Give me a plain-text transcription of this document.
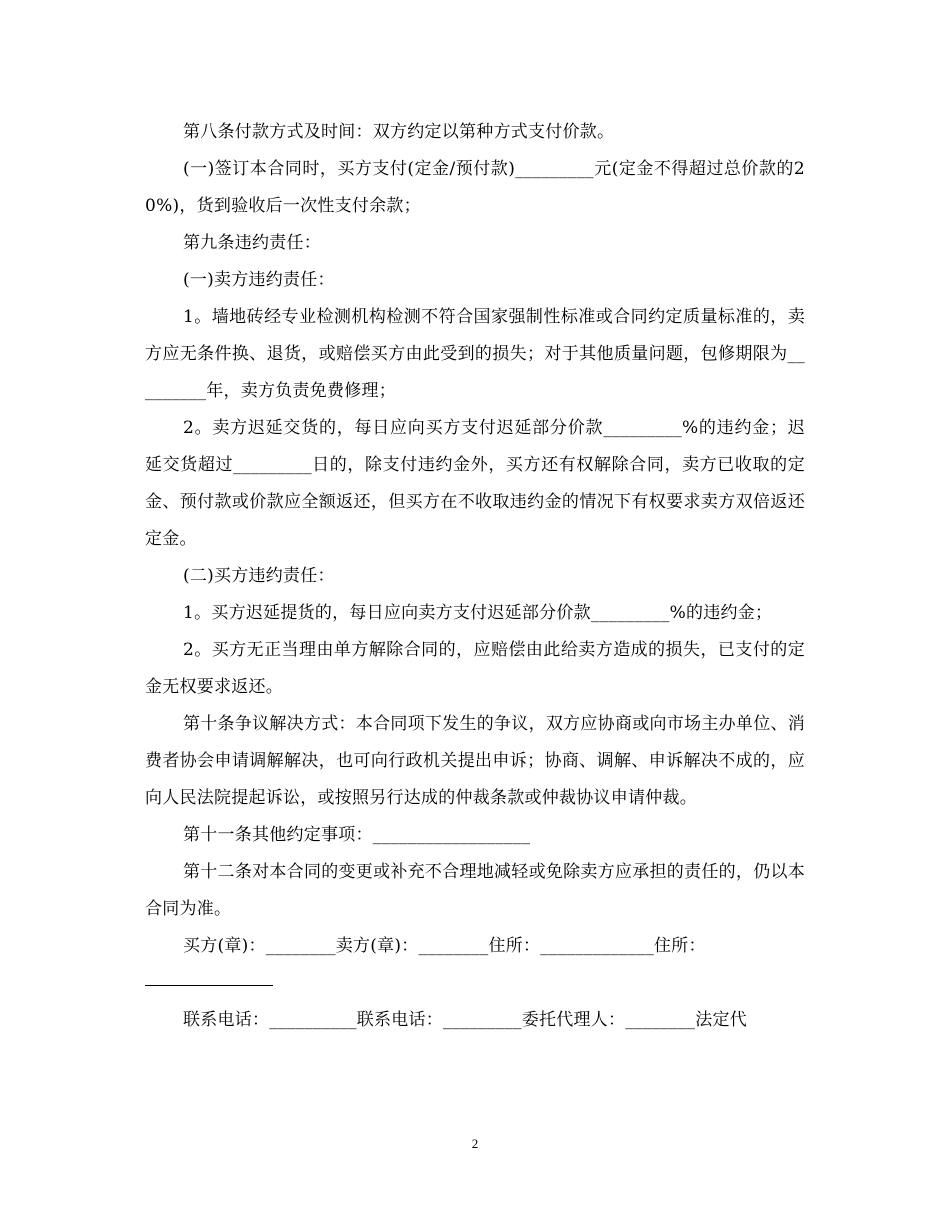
第八条付款方式及时间：双方约定以第种方式支付价款。

(一)签订本合同时，买方支付(定金/预付款)_________元(定金不得超过总价款的20%)，货到验收后一次性支付余款；

第九条违约责任：

(一)卖方违约责任：

1。墙地砖经专业检测机构检测不符合国家强制性标准或合同约定质量标准的，卖方应无条件换、退货，或赔偿买方由此受到的损失；对于其他质量问题，包修期限为_________年，卖方负责免费修理；

2。卖方迟延交货的，每日应向买方支付迟延部分价款_________%的违约金；迟延交货超过_________日的，除支付违约金外，买方还有权解除合同，卖方已收取的定金、预付款或价款应全额返还，但买方在不收取违约金的情况下有权要求卖方双倍返还定金。

(二)买方违约责任：

1。买方迟延提货的，每日应向卖方支付迟延部分价款_________%的违约金；

2。买方无正当理由单方解除合同的，应赔偿由此给卖方造成的损失，已支付的定金无权要求返还。

第十条争议解决方式：本合同项下发生的争议，双方应协商或向市场主办单位、消费者协会申请调解解决，也可向行政机关提出申诉；协商、调解、申诉解决不成的，应向人民法院提起诉讼，或按照另行达成的仲裁条款或仲裁协议申请仲裁。

第十一条其他约定事项：__________________

第十二条对本合同的变更或补充不合理地减轻或免除卖方应承担的责任的，仍以本合同为准。

买方(章)：________卖方(章)：________住所：_____________住所：

联系电话：__________联系电话：_________委托代理人：________法定代

2
